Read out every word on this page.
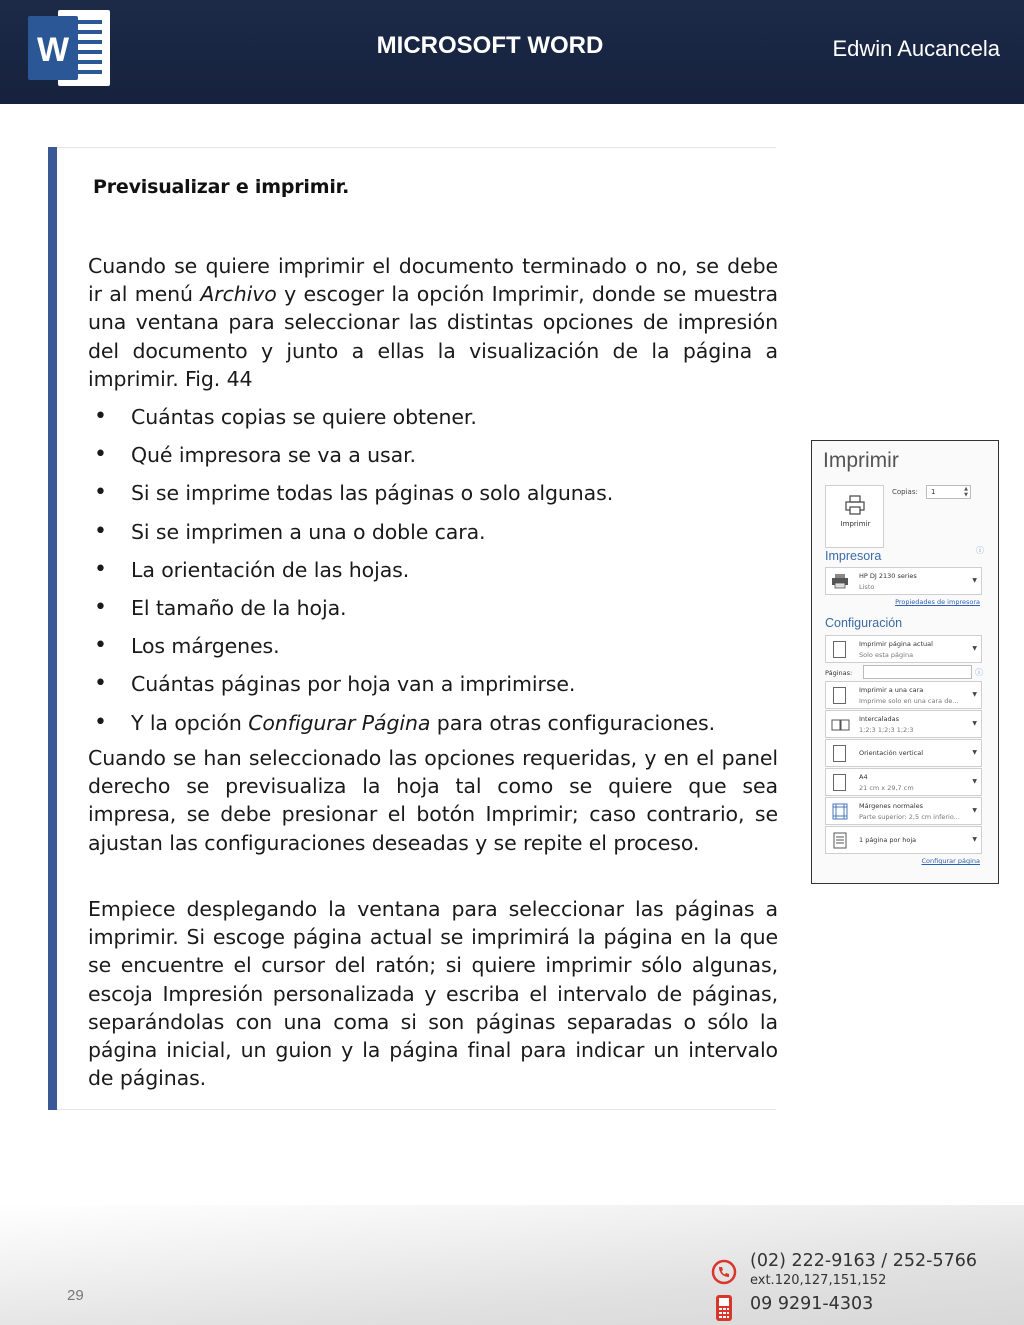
W	MICROSOFT WORD	Edwin Aucancela
Previsualizar e imprimir.

Cuando se quiere imprimir el documento terminado o no, se debe ir al menú Archivo y escoger la opción Imprimir, donde se muestra una ventana para seleccionar las distintas opciones de impresión del documento y junto a ellas la visualización de la página a imprimir. Fig. 44

• Cuántas copias se quiere obtener.
• Qué impresora se va a usar.
• Si se imprime todas las páginas o solo algunas.
• Si se imprimen a una o doble cara.
• La orientación de las hojas.
• El tamaño de la hoja.
• Los márgenes.
• Cuántas páginas por hoja van a imprimirse.
• Y la opción Configurar Página para otras configuraciones.

Cuando se han seleccionado las opciones requeridas, y en el panel derecho se previsualiza la hoja tal como se quiere que sea impresa, se debe presionar el botón Imprimir; caso contrario, se ajustan las configuraciones deseadas y se repite el proceso.

Empiece desplegando la ventana para seleccionar las páginas a imprimir. Si escoge página actual se imprimirá la página en la que se encuentre el cursor del ratón; si quiere imprimir sólo algunas, escoja Impresión personalizada y escriba el intervalo de páginas, separándolas con una coma si son páginas separadas o sólo la página inicial, un guion y la página final para indicar un intervalo de páginas.

Imprimir
Imprimir
Copias:	1	▲
▼
Impresora	ⓘ
HP DJ 2130 series
Listo
▼
Propiedades de impresora
Configuración
Imprimir página actual
Solo esta página
▼
Páginas:	ⓘ
Imprimir a una cara
Imprime solo en una cara de...
▼
Intercaladas
1;2;3 1;2;3 1;2;3
▼
Orientación vertical	▼
A4
21 cm x 29,7 cm
▼
Márgenes normales
Parte superior: 2,5 cm inferio...
▼
1 página por hoja	▼
Configurar página
29
(02) 222-9163 / 252-5766
ext.120,127,151,152
09 9291-4303
